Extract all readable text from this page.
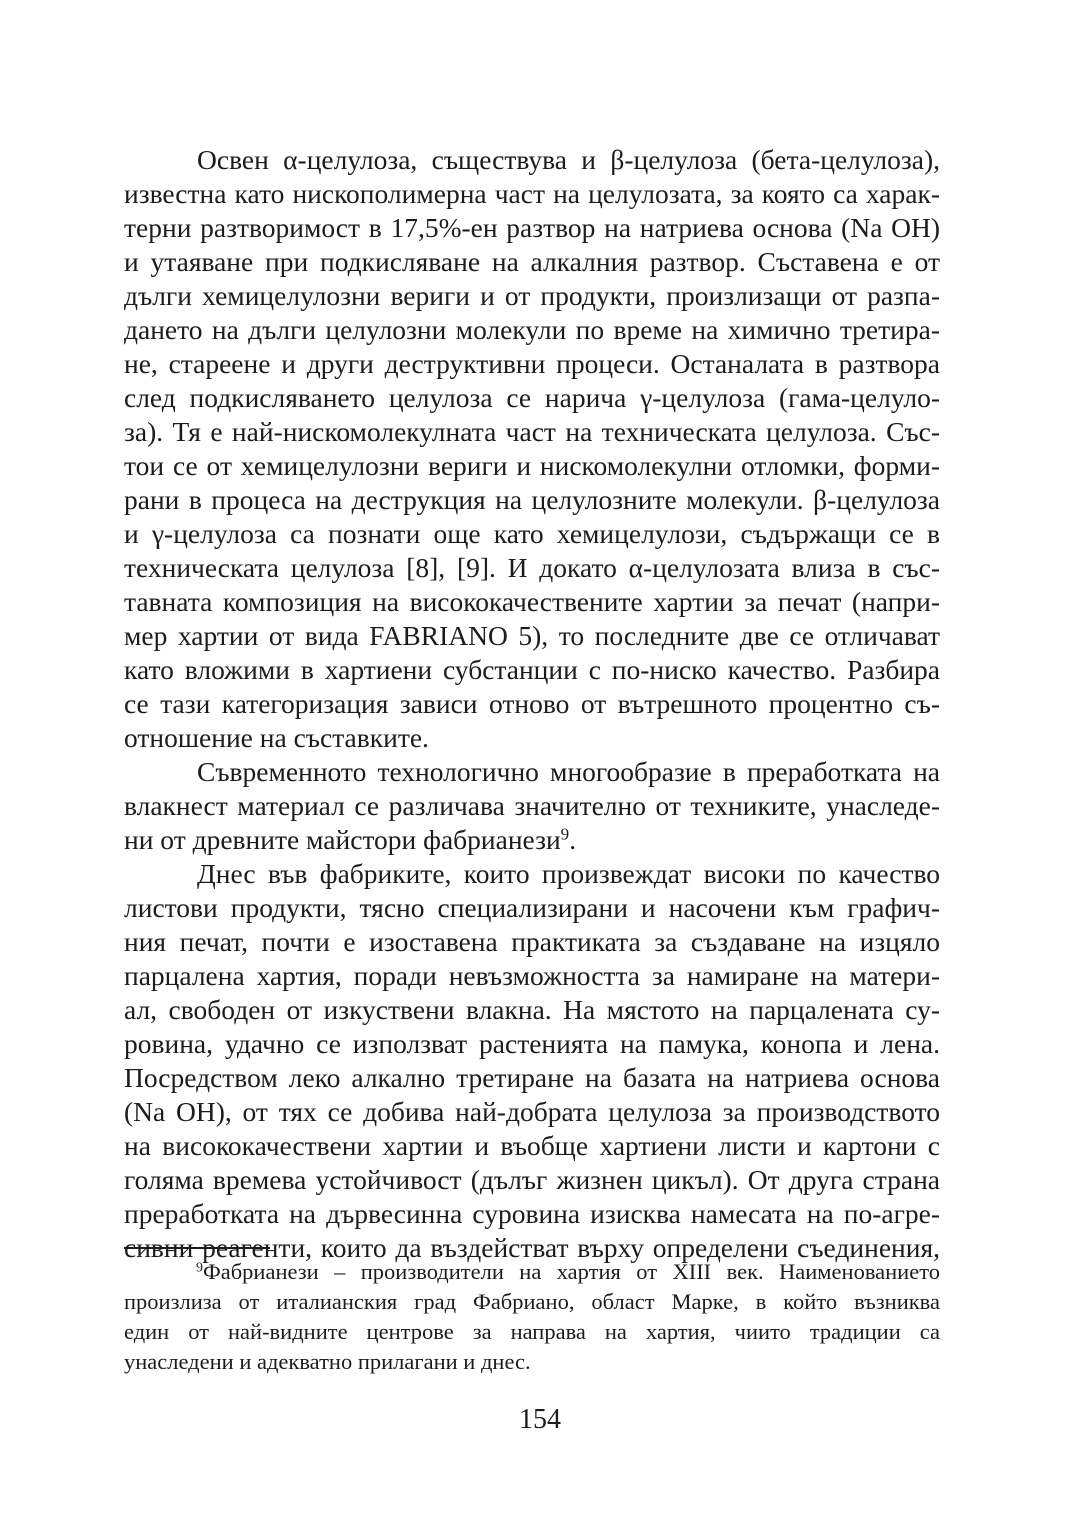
Освен α-целулоза, съществува и β-целулоза (бета-целулоза),
известна като нискополимерна част на целулозата, за която са харак-
терни разтворимост в 17,5%-ен разтвор на натриева основа (Na OH)
и утаяване при подкисляване на алкалния разтвор. Съставена е от
дълги хемицелулозни вериги и от продукти, произлизащи от разпа-
дането на дълги целулозни молекули по време на химично третира-
не, стареене и други деструктивни процеси. Останалата в разтвора
след подкисляването целулоза се нарича γ-целулоза (гама-целуло-
за). Тя е най-нискомолекулната част на техническата целулоза. Със-
тои се от хемицелулозни вериги и нискомолекулни отломки, форми-
рани в процеса на деструкция на целулозните молекули. β-целулоза
и γ-целулоза са познати още като хемицелулози, съдържащи се в
техническата целулоза [8], [9]. И докато α-целулозата влиза в със-
тавната композиция на висококачествените хартии за печат (напри-
мер хартии от вида FABRIANO 5), то последните две се отличават
като вложими в хартиени субстанции с по-ниско качество. Разбира
се тази категоризация зависи отново от вътрешното процентно съ-
отношение на съставките.
Съвременното технологично многообразие в преработката на
влакнест материал се различава значително от техниките, унаследе-
ни от древните майстори фабрианези$^9$.
Днес във фабриките, които произвеждат високи по качество
листови продукти, тясно специализирани и насочени към графич-
ния печат, почти е изоставена практиката за създаване на изцяло
парцалена хартия, поради невъзможността за намиране на матери-
ал, свободен от изкуствени влакна. На мястото на парцалената су-
ровина, удачно се използват растенията на памука, конопа и лена.
Посредством леко алкално третиране на базата на натриева основа
(Na OH), от тях се добива най-добрата целулоза за производството
на висококачествени хартии и въобще хартиени листи и картони с
голяма времева устойчивост (дълъг жизнен цикъл). От друга страна
преработката на дървесинна суровина изисква намесата на по-агре-
сивни реагенти, които да въздействат върху определени съединения,
$^9$Фабрианези – производители на хартия от XIII век. Наименованието
произлиза от италианския град Фабриано, област Марке, в който възниква
един от най-видните центрове за направа на хартия, чиито традиции са
унаследени и адекватно прилагани и днес.
154
